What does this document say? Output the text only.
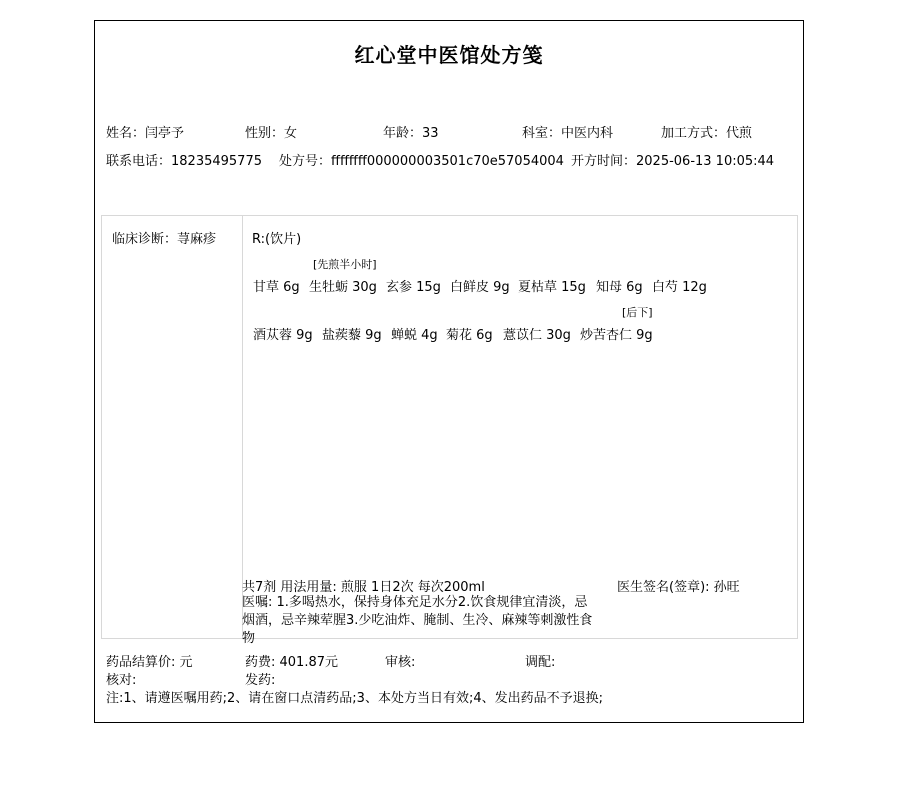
红心堂中医馆处方笺
姓名：闫亭予	性别：女	年龄：33	科室：中医内科	加工方式：代煎
联系电话：18235495775 处方号：ffffffff000000003501c70e57054004 开方时间：2025-06-13 10:05:44
临床诊断：荨麻疹	R:(饮片)
甘草 6g
[先煎半小时]
生牡蛎 30g 玄参 15g 白鲜皮 9g 夏枯草 15g 知母 6g 白芍 12g
酒苁蓉 9g 盐蒺藜 9g 蝉蜕 4g 菊花 6g 薏苡仁 30g
[后下]
炒苦杏仁 9g
共7剂 用法用量: 煎服 1日2次 每次200ml	医生签名(签章): 孙旺
医嘱: 1.多喝热水，保持身体充足水分2.饮食规律宜清淡，忌烟酒，忌辛辣荤腥3.少吃油炸、腌制、生冷、麻辣等刺激性食物
药品结算价: 元	药费: 401.87元	审核:	调配:
核对:	发药:
注:1、请遵医嘱用药;2、请在窗口点清药品;3、本处方当日有效;4、发出药品不予退换;
